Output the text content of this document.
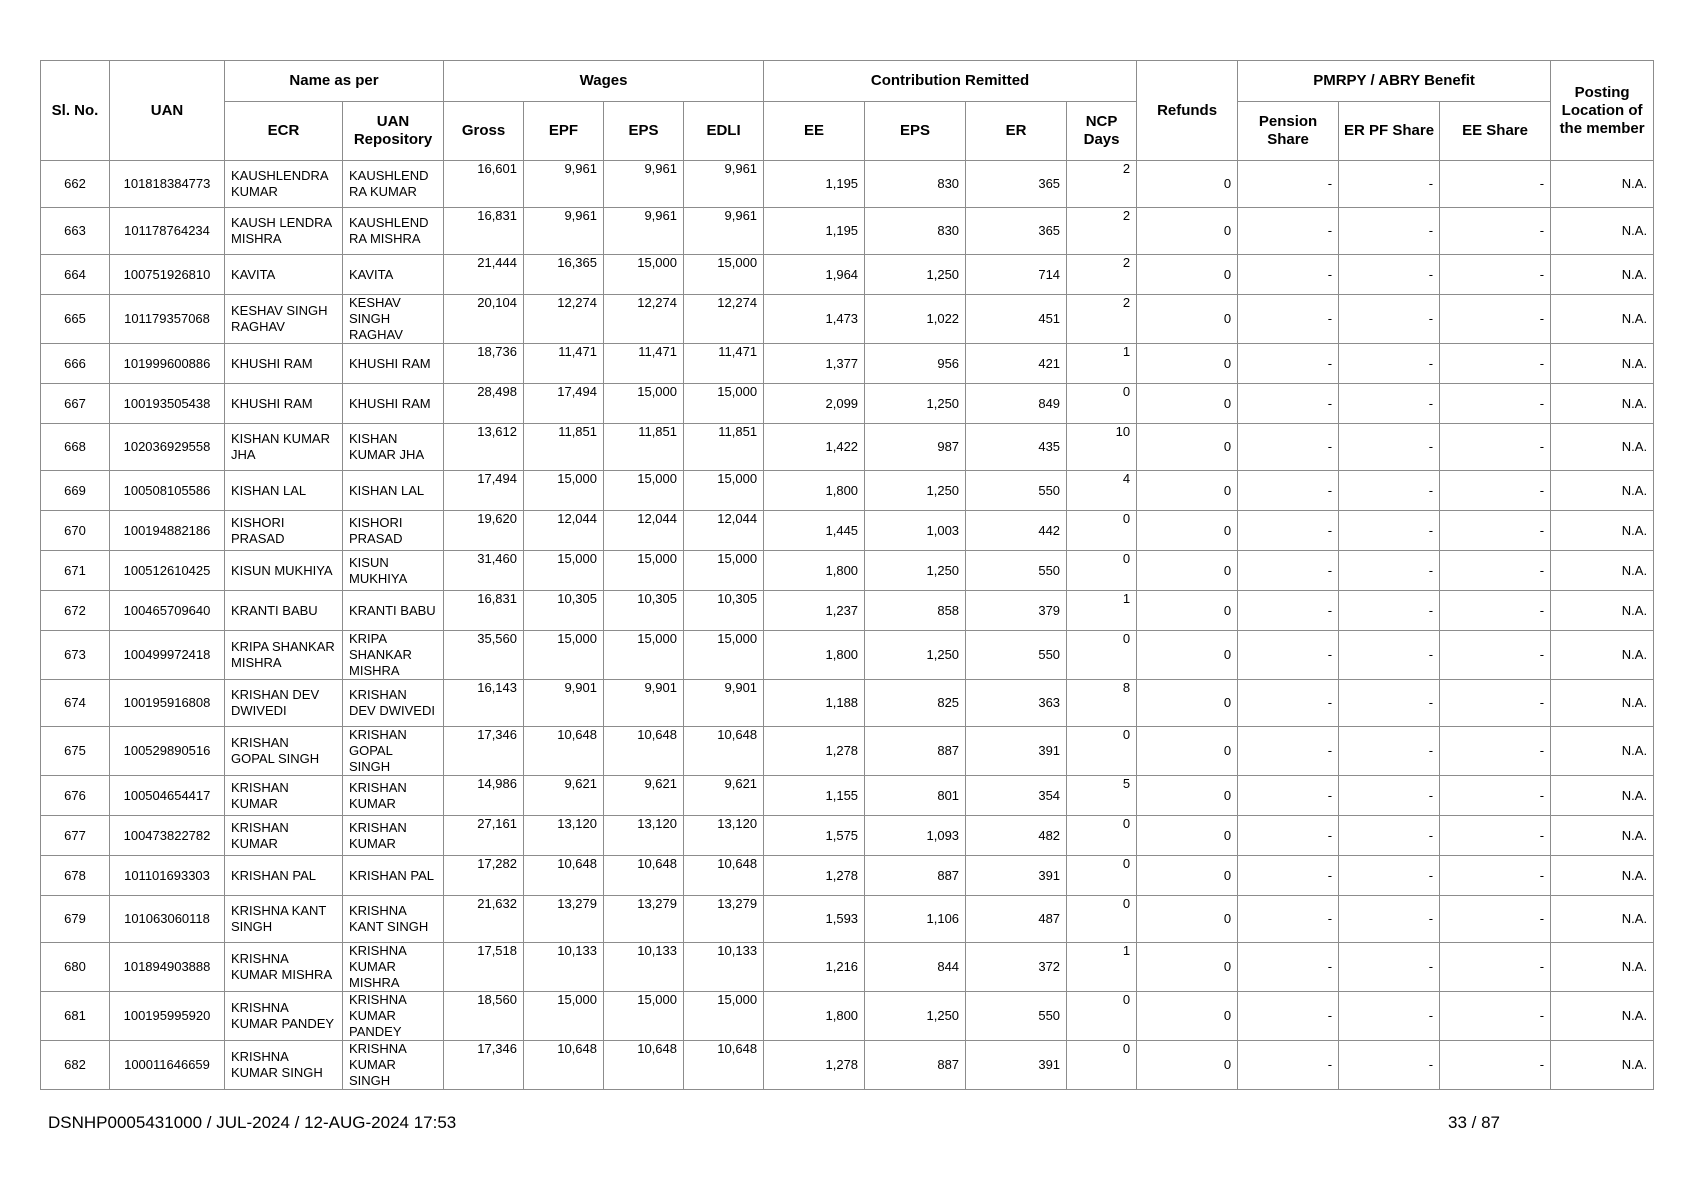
Sl. No.	UAN	Name as per		Wages				Contribution Remitted				Refunds	PMRPY / ABRY Benefit			Posting Location of the member
		ECR	UAN Repository	Gross	EPF	EPS	EDLI	EE	EPS	ER	NCP Days		Pension Share	ER PF Share	EE Share	
662	101818384773	KAUSHLENDRA KUMAR	KAUSHLEND RA KUMAR	16,601	9,961	9,961	9,961	1,195	830	365	2	0	-	-	-	N.A.
663	101178764234	KAUSH LENDRA MISHRA	KAUSHLEND RA MISHRA	16,831	9,961	9,961	9,961	1,195	830	365	2	0	-	-	-	N.A.
664	100751926810	KAVITA	KAVITA	21,444	16,365	15,000	15,000	1,964	1,250	714	2	0	-	-	-	N.A.
665	101179357068	KESHAV SINGH RAGHAV	KESHAV SINGH RAGHAV	20,104	12,274	12,274	12,274	1,473	1,022	451	2	0	-	-	-	N.A.
666	101999600886	KHUSHI RAM	KHUSHI RAM	18,736	11,471	11,471	11,471	1,377	956	421	1	0	-	-	-	N.A.
667	100193505438	KHUSHI RAM	KHUSHI RAM	28,498	17,494	15,000	15,000	2,099	1,250	849	0	0	-	-	-	N.A.
668	102036929558	KISHAN KUMAR JHA	KISHAN KUMAR JHA	13,612	11,851	11,851	11,851	1,422	987	435	10	0	-	-	-	N.A.
669	100508105586	KISHAN LAL	KISHAN LAL	17,494	15,000	15,000	15,000	1,800	1,250	550	4	0	-	-	-	N.A.
670	100194882186	KISHORI PRASAD	KISHORI PRASAD	19,620	12,044	12,044	12,044	1,445	1,003	442	0	0	-	-	-	N.A.
671	100512610425	KISUN MUKHIYA	KISUN MUKHIYA	31,460	15,000	15,000	15,000	1,800	1,250	550	0	0	-	-	-	N.A.
672	100465709640	KRANTI BABU	KRANTI BABU	16,831	10,305	10,305	10,305	1,237	858	379	1	0	-	-	-	N.A.
673	100499972418	KRIPA SHANKAR MISHRA	KRIPA SHANKAR MISHRA	35,560	15,000	15,000	15,000	1,800	1,250	550	0	0	-	-	-	N.A.
674	100195916808	KRISHAN DEV DWIVEDI	KRISHAN DEV DWIVEDI	16,143	9,901	9,901	9,901	1,188	825	363	8	0	-	-	-	N.A.
675	100529890516	KRISHAN GOPAL SINGH	KRISHAN GOPAL SINGH	17,346	10,648	10,648	10,648	1,278	887	391	0	0	-	-	-	N.A.
676	100504654417	KRISHAN KUMAR	KRISHAN KUMAR	14,986	9,621	9,621	9,621	1,155	801	354	5	0	-	-	-	N.A.
677	100473822782	KRISHAN KUMAR	KRISHAN KUMAR	27,161	13,120	13,120	13,120	1,575	1,093	482	0	0	-	-	-	N.A.
678	101101693303	KRISHAN PAL	KRISHAN PAL	17,282	10,648	10,648	10,648	1,278	887	391	0	0	-	-	-	N.A.
679	101063060118	KRISHNA KANT SINGH	KRISHNA KANT SINGH	21,632	13,279	13,279	13,279	1,593	1,106	487	0	0	-	-	-	N.A.
680	101894903888	KRISHNA KUMAR MISHRA	KRISHNA KUMAR MISHRA	17,518	10,133	10,133	10,133	1,216	844	372	1	0	-	-	-	N.A.
681	100195995920	KRISHNA KUMAR PANDEY	KRISHNA KUMAR PANDEY	18,560	15,000	15,000	15,000	1,800	1,250	550	0	0	-	-	-	N.A.
682	100011646659	KRISHNA KUMAR SINGH	KRISHNA KUMAR SINGH	17,346	10,648	10,648	10,648	1,278	887	391	0	0	-	-	-	N.A.
DSNHP0005431000 / JUL-2024 / 12-AUG-2024 17:53	33 / 87
